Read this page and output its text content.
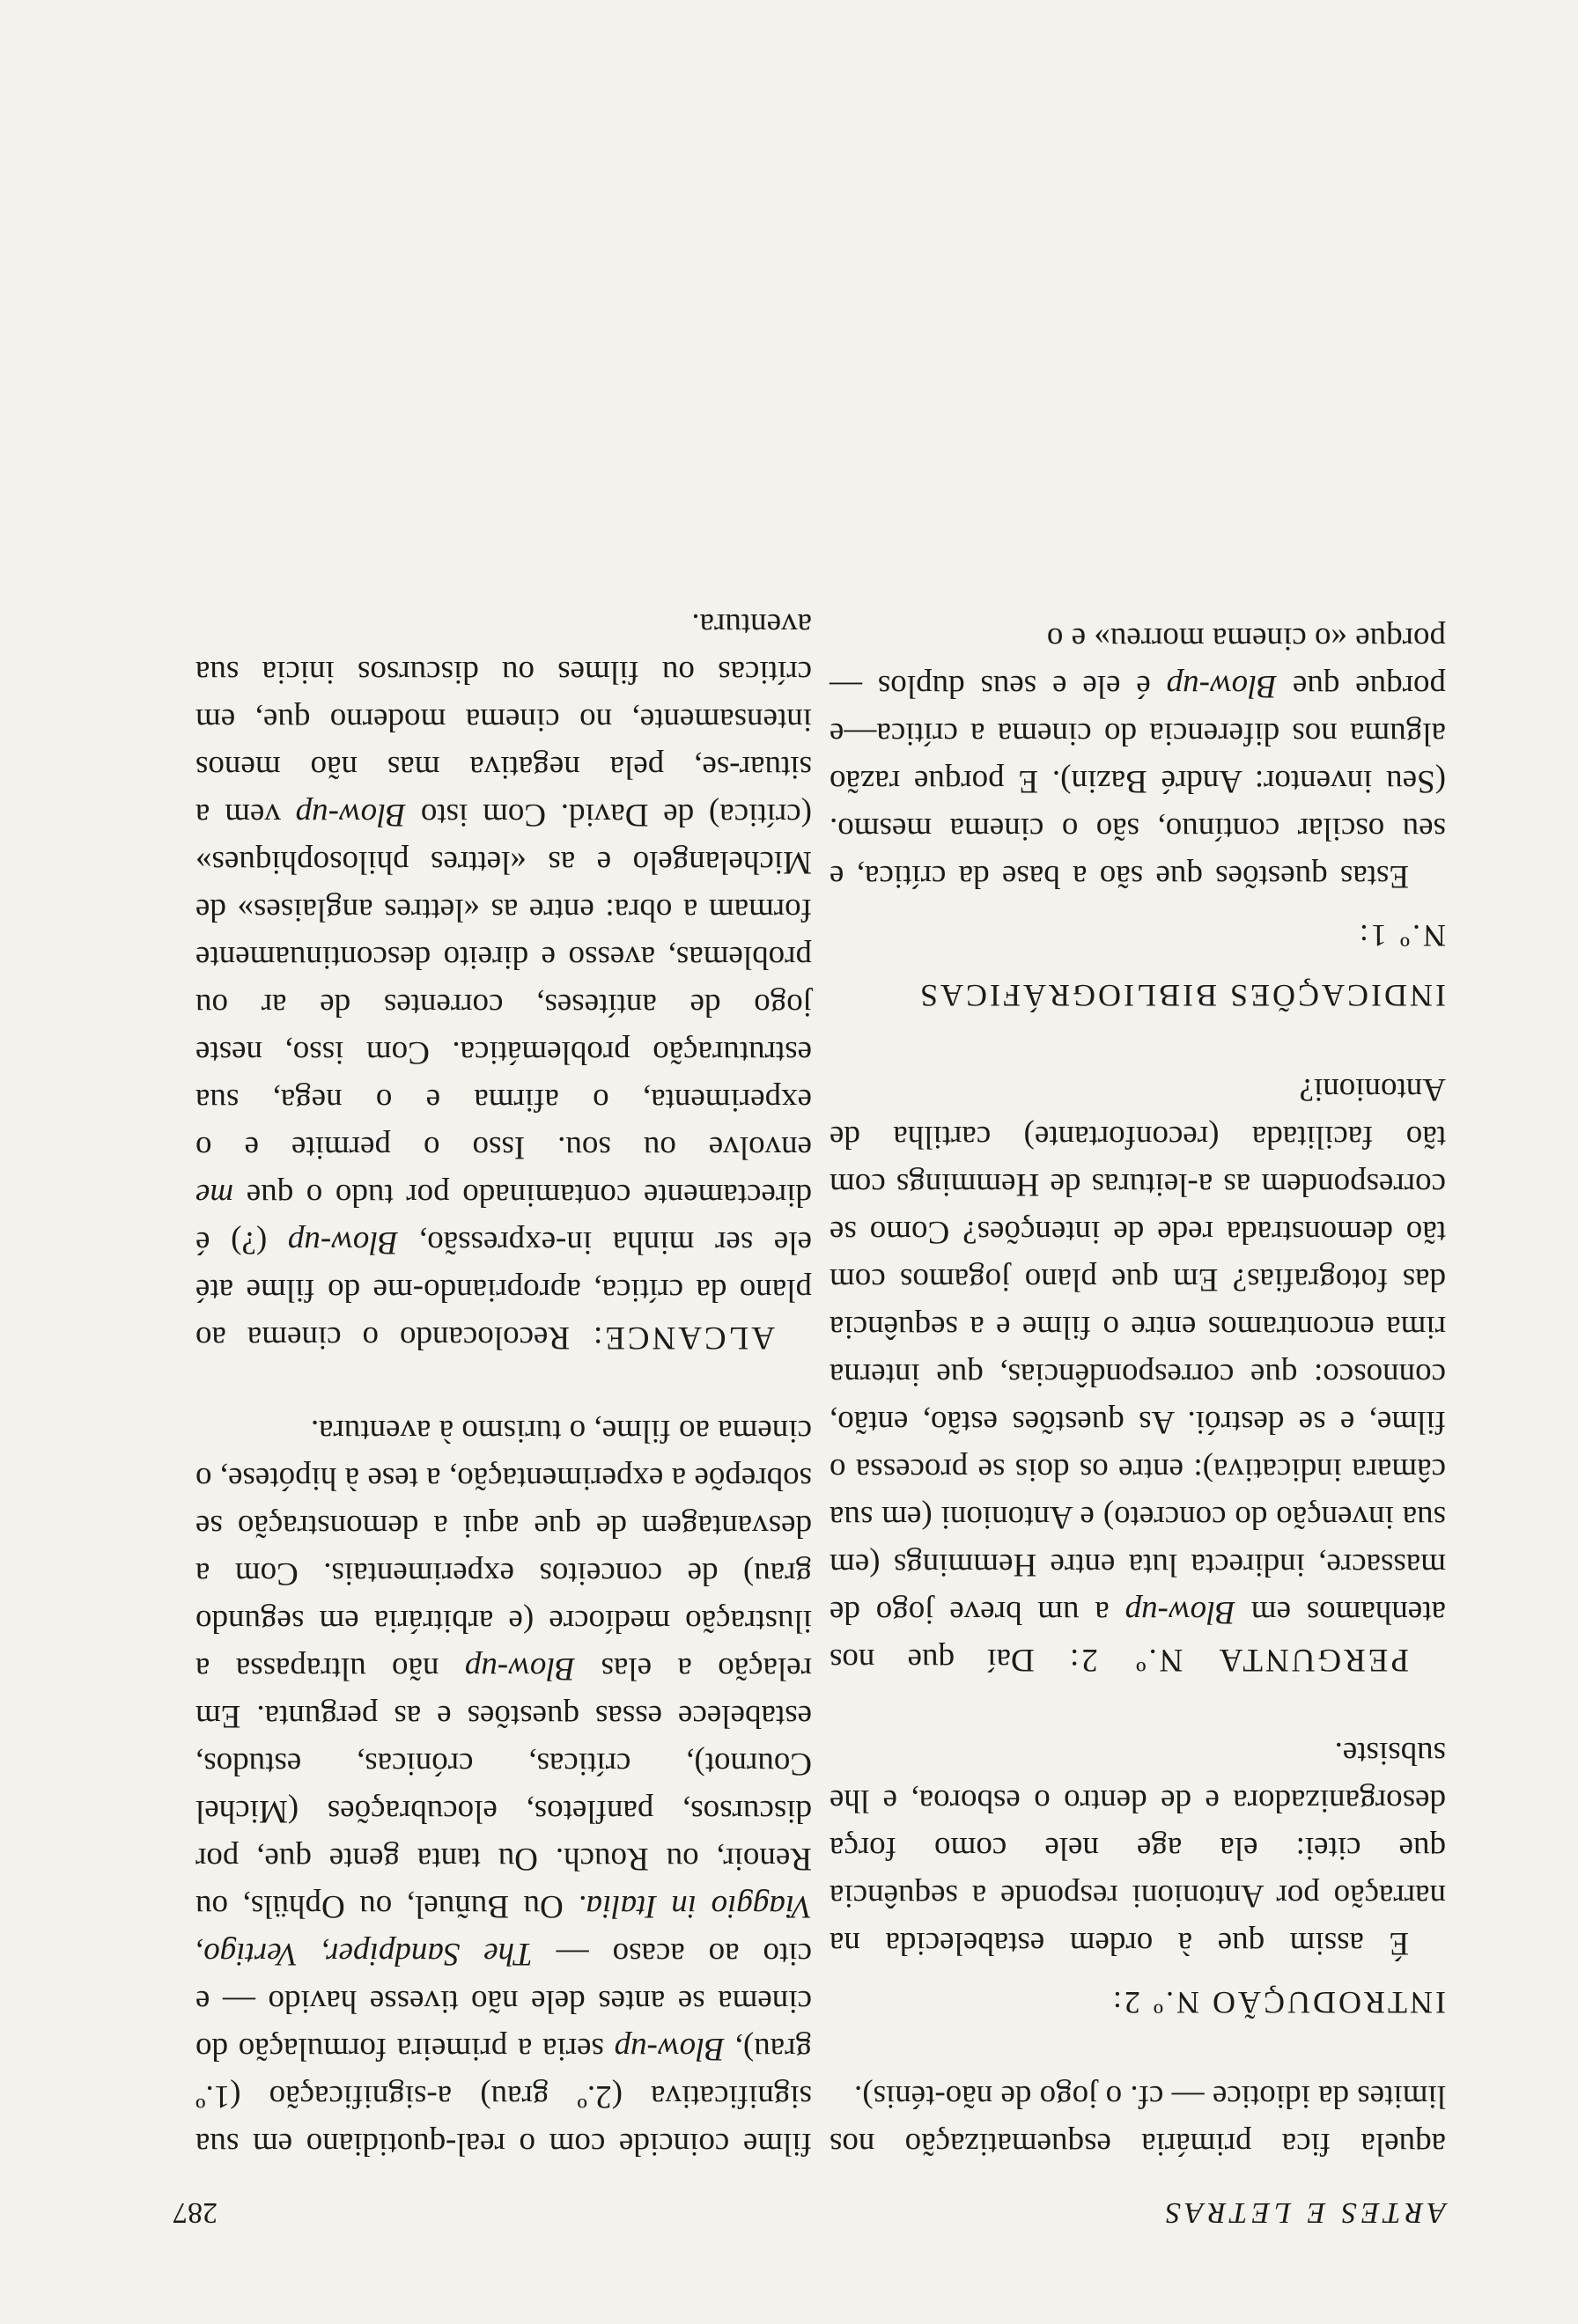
ARTES E LETRAS
287

aquela fica primária esquematização nos limites da idiotice — cf. o jogo de não-ténis).

INTRODUÇÃO N.º 2:

É assim que à ordem estabelecida na narração por Antonioni responde a sequência que citei: ela age nele como força desorganizadora e de dentro o esboroa, e lhe subsiste.

PERGUNTA N.º 2: Daí que nos atenhamos em Blow-up a um breve jogo de massacre, indirecta luta entre Hemmings (em sua invenção do concreto) e Antonioni (em sua câmara indicativa): entre os dois se processa o filme, e se destrói. As questões estão, então, connosco: que correspondências, que interna rima encontramos entre o filme e a sequência das fotografias? Em que plano jogamos com tão demonstrada rede de intenções? Como se correspondem as a-leituras de Hemmings com tão facilitada (reconfortante) cartilha de Antonioni?

INDICAÇÕES BIBLIOGRÁFICAS
N.º 1:

Estas questões que são a base da crítica, e seu oscilar contínuo, são o cinema mesmo. (Seu inventor: André Bazin). E porque razão alguma nos diferencia do cinema a crítica—e porque que Blow-up é ele e seus duplos — porque «o cinema morreu» e o

filme coincide com o real-quotidiano em sua significativa (2.º grau) a-significação (1.º grau), Blow-up seria a primeira formulação do cinema se antes dele não tivesse havido — e cito ao acaso — The Sandpiper, Vertigo, Viaggio in Italia. Ou Buñuel, ou Ophüls, ou Renoir, ou Rouch. Ou tanta gente que, por discursos, panfletos, elocubrações (Michel Cournot), críticas, crónicas, estudos, estabelece essas questões e as pergunta. Em relação a elas Blow-up não ultrapassa a ilustração medíocre (e arbitrária em segundo grau) de conceitos experimentais. Com a desvantagem de que aqui a demonstração se sobrepõe a experimentação, a tese à hipótese, o cinema ao filme, o turismo à aventura.

ALCANCE: Recolocando o cinema ao plano da crítica, apropriando-me do filme até ele ser minha in-expressão, Blow-up (?) é directamente contaminado por tudo o que me envolve ou sou. Isso o permite e o experimenta, o afirma e o nega, sua estruturação problemática. Com isso, neste jogo de antíteses, correntes de ar ou problemas, avesso e direito descontinuamente formam a obra: entre as «lettres anglaises» de Michelangelo e as «lettres philosophiques» (crítica) de David. Com isto Blow-up vem a situar-se, pela negativa mas não menos intensamente, no cinema moderno que, em críticas ou filmes ou discursos inicia sua aventura.
